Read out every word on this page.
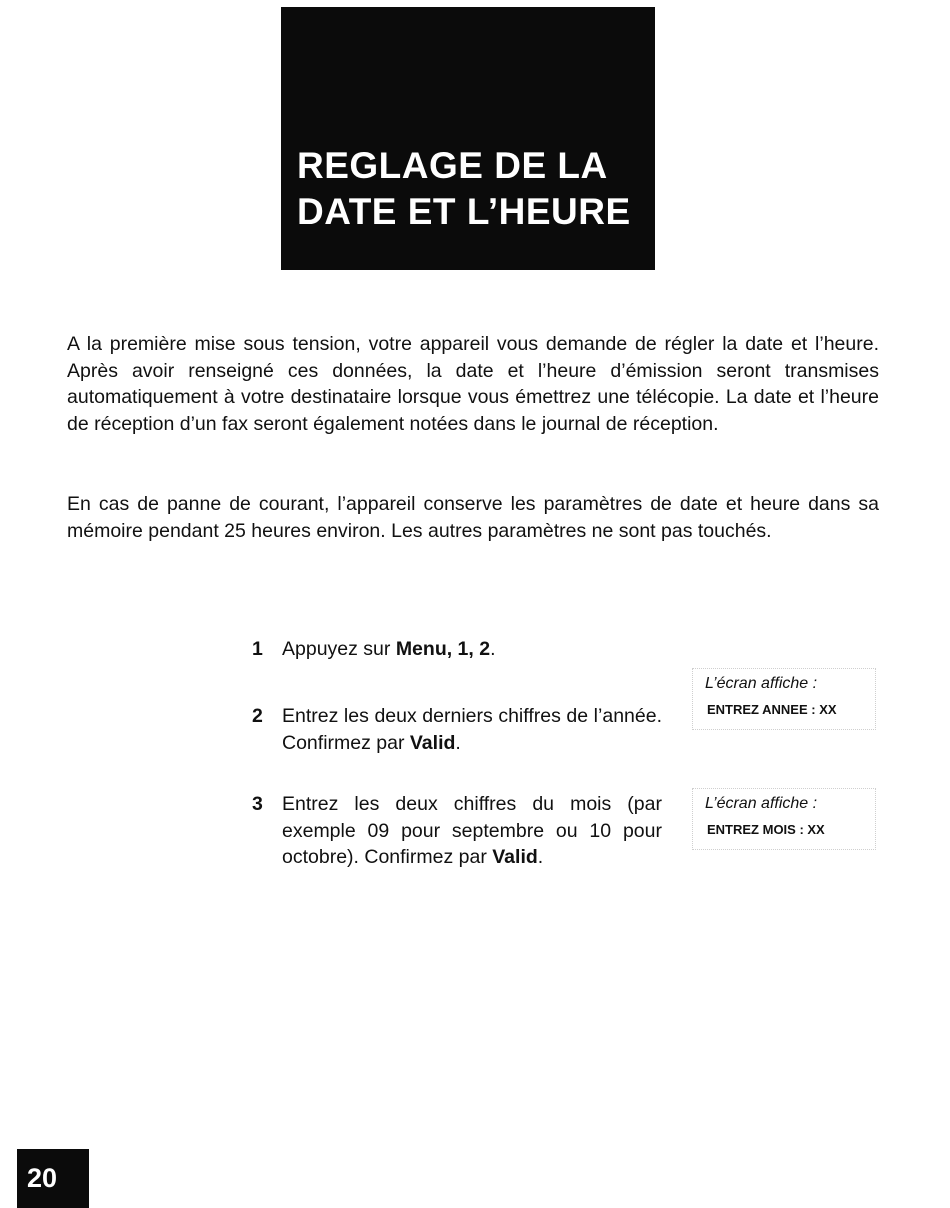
REGLAGE DE LA
DATE ET L’HEURE

A la première mise sous tension, votre appareil vous demande de régler la date et l’heure. Après avoir renseigné ces données, la date et l’heure d’émission seront transmises automatiquement à votre destinataire lorsque vous émettrez une télécopie. La date et l’heure de réception d’un fax seront également notées dans le journal de réception.

En cas de panne de courant, l’appareil conserve les paramètres de date et heure dans sa mémoire pendant 25 heures environ. Les autres paramètres ne sont pas touchés.

1 Appuyez sur Menu, 1, 2.
L’écran affiche :
ENTREZ ANNEE : XX
2 Entrez les deux derniers chiffres de l’année. Confirmez par Valid.
3 Entrez les deux chiffres du mois (par exemple 09 pour septembre ou 10 pour octobre). Confirmez par Valid.
L’écran affiche :
ENTREZ MOIS : XX
20
